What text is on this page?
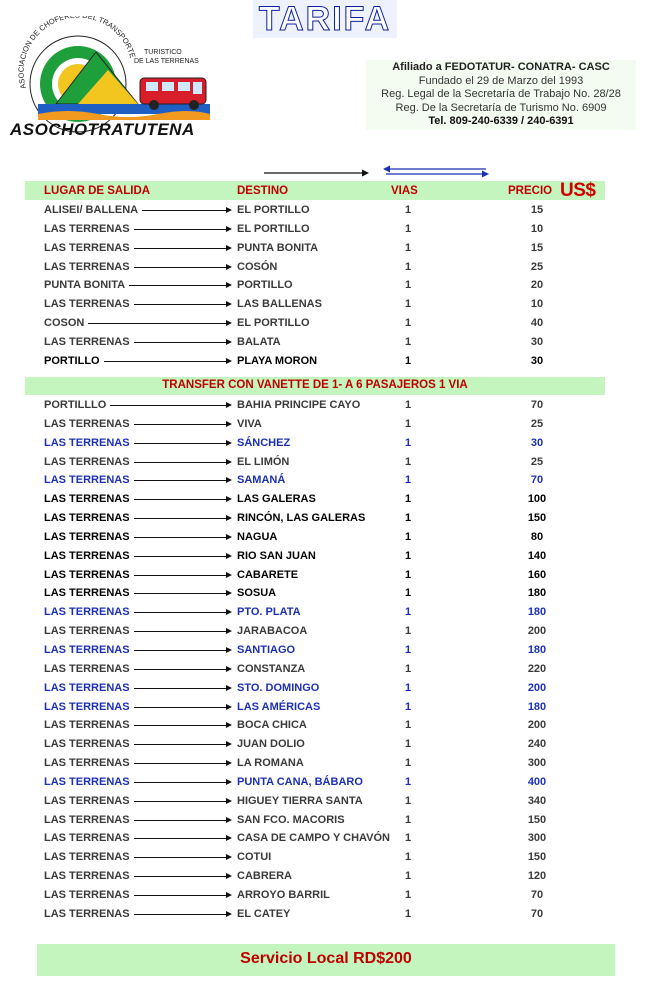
TARIFA
ASOCIACION DE CHOFER EL TRANSPORTE TURISTICO
DE LAS TERRENAS
ASOCHOTRATUTENA
Afiliado a FEDOTATUR- CONATRA- CASC
Fundado el 29 de Marzo del 1993
Reg. Legal de la Secretaría de Trabajo No. 28/28
Reg. De la Secretaría de Turismo No. 6909
Tel. 809-240-6339 / 240-6391
LUGAR DE SALIDA	DESTINO	VIAS	PRECIO US$
ALISEI/ BALLENA	EL PORTILLO	1	15
LAS TERRENAS	EL PORTILLO	1	10
LAS TERRENAS	PUNTA BONITA	1	15
LAS TERRENAS	COSÓN	1	25
PUNTA BONITA	PORTILLO	1	20
LAS TERRENAS	LAS BALLENAS	1	10
COSON	EL PORTILLO	1	40
LAS TERRENAS	BALATA	1	30
PORTILLO	PLAYA MORON	1	30
TRANSFER CON VANETTE DE 1- A 6 PASAJEROS 1 VIA
PORTILLLO	BAHIA PRINCIPE CAYO	1	70
LAS TERRENAS	VIVA	1	25
LAS TERRENAS	SÁNCHEZ	1	30
LAS TERRENAS	EL LIMÓN	1	25
LAS TERRENAS	SAMANÁ	1	70
LAS TERRENAS	LAS GALERAS	1	100
LAS TERRENAS	RINCÓN, LAS GALERAS	1	150
LAS TERRENAS	NAGUA	1	80
LAS TERRENAS	RIO SAN JUAN	1	140
LAS TERRENAS	CABARETE	1	160
LAS TERRENAS	SOSUA	1	180
LAS TERRENAS	PTO. PLATA	1	180
LAS TERRENAS	JARABACOA	1	200
LAS TERRENAS	SANTIAGO	1	180
LAS TERRENAS	CONSTANZA	1	220
LAS TERRENAS	STO. DOMINGO	1	200
LAS TERRENAS	LAS AMÉRICAS	1	180
LAS TERRENAS	BOCA CHICA	1	200
LAS TERRENAS	JUAN DOLIO	1	240
LAS TERRENAS	LA ROMANA	1	300
LAS TERRENAS	PUNTA CANA, BÁBARO	1	400
LAS TERRENAS	HIGUEY TIERRA SANTA	1	340
LAS TERRENAS	SAN FCO. MACORIS	1	150
LAS TERRENAS	CASA DE CAMPO Y CHAVÓN 1	300
LAS TERRENAS	COTUI	1	150
LAS TERRENAS	CABRERA	1	120
LAS TERRENAS	ARROYO BARRIL	1	70
LAS TERRENAS	EL CATEY	1	70
Servicio Local RD$200
